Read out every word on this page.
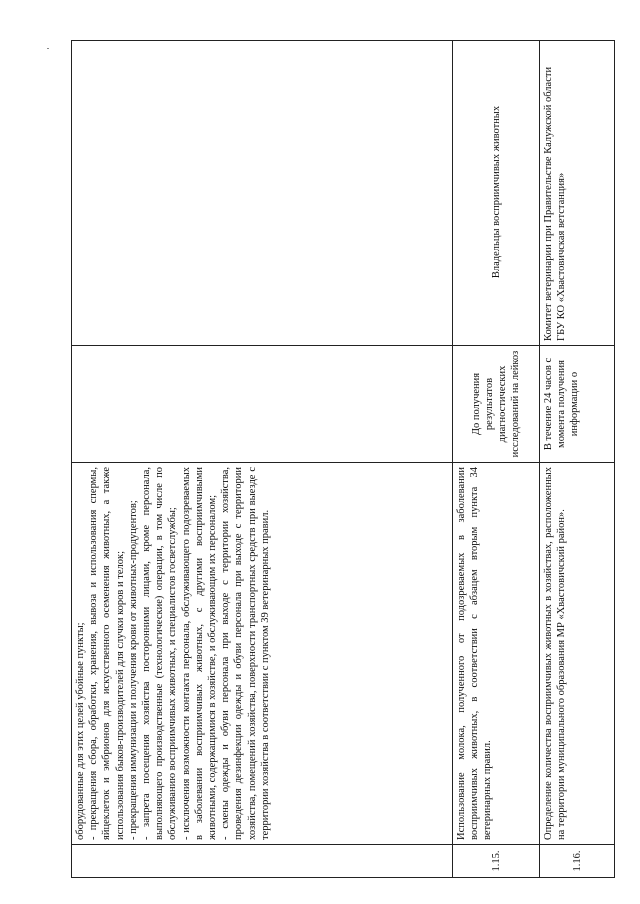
оборудованные для этих целей убойные пункты; - прекращения сбора, обработки, хранения, вывоза и использования спермы, яйцеклеток и эмбрионов для искусственного осеменения животных, а также использования быков-производителей для случки коров и телок; - прекращения иммунизации и получения крови от животных-продуцентов; - запрета посещения хозяйства посторонними лицами, кроме персонала, выполняющего производственные (технологические) операции, в том числе по обслуживанию восприимчивых животных, и специалистов госветслужбы; - исключения возможности контакта персонала, обслуживающего подозреваемых в заболевании восприимчивых животных, с другими восприимчивыми животными, содержащимися в хозяйстве, и обслуживающим их персоналом; - смены одежды и обуви персонала при выходе с территории хозяйства, проведения дезинфекции одежды и обуви персонала при выходе с территории хозяйства, помещений хозяйства, поверхности транспортных средств при выезде с территории хозяйства в соответствии с пунктом 39 ветеринарных правил.
1.15.
Использование молока, полученного от подозреваемых в заболевании восприимчивых животных, в соответствии с абзацем вторым пункта 34 ветеринарных правил.
До получения результатов диагностических исследований на лейкоз
Владельцы восприимчивых животных
1.16.
Определение количества восприимчивых животных в хозяйствах, расположенных на территории муниципального образования МР «Хвастовичский район».
В течение 24 часов с момента получения информации о
Комитет ветеринарии при Правительстве Калужской области ГБУ КО «Хвастовичская ветстанция»
